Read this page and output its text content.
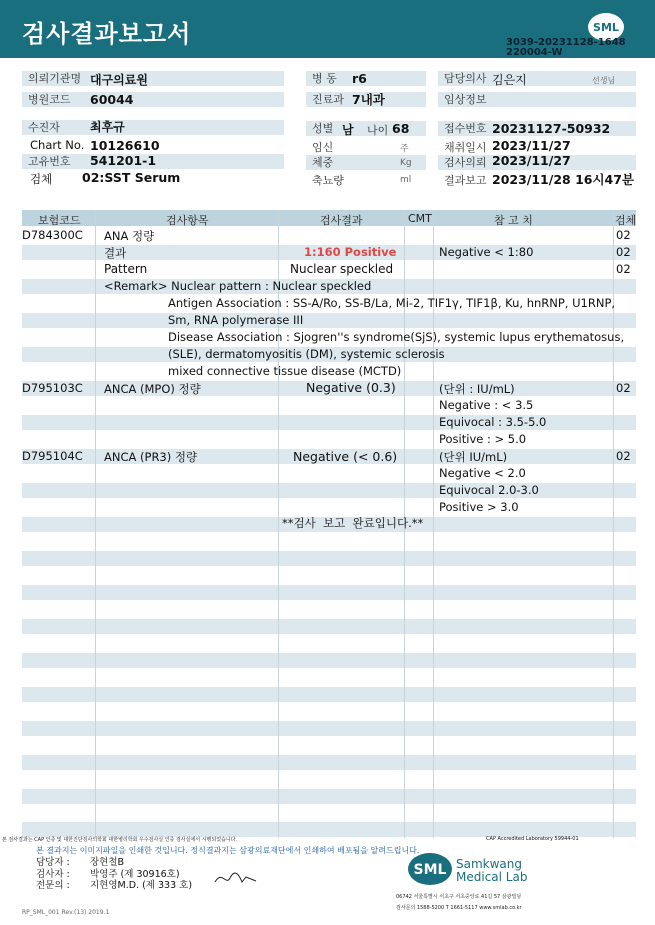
검사결과보고서	SML
3039-20231128-1648
220004-W
의뢰기관명 대구의료원
병원코드	60044
병 동	r6
진료과 7내과
담당의사 김은지	선생님
임상정보
수진자	최후규
Chart No. 10126610
고유번호	541201-1
검체 02:SST Serum
성별 남 나이 68
임신	주
체중	Kg
축뇨량	ml
접수번호 20231127-50932
채취일시 2023/11/27
검사의뢰 2023/11/27
결과보고 2023/11/28 16시47분
보험코드	검사항목	검사결과	CMT	참 고 치	검체
D784300C ANA 정량	02
결과	1:160 Positive	Negative < 1:80	02
Pattern	Nuclear speckled	02
<Remark> Nuclear pattern : Nuclear speckled
Antigen Association : SS-A/Ro, SS-B/La, Mi-2, TIF1γ, TIF1β, Ku, hnRNP, U1RNP,
Sm, RNA polymerase III
Disease Association : Sjogren''s syndrome(SjS), systemic lupus erythematosus,
(SLE), dermatomyositis (DM), systemic sclerosis
mixed connective tissue disease (MCTD)
D795103C ANCA (MPO) 정량	Negative (0.3)	02
(단위 : IU/mL)
Negative : < 3.5
Equivocal : 3.5-5.0
Positive : > 5.0
D795104C ANCA (PR3) 정량	Negative (< 0.6)	02
(단위 IU/mL)
Negative < 2.0
Equivocal 2.0-3.0
Positive > 3.0
**검사  보고  완료입니다.**
본 검사결과는 CAP 인증 및 대한진단검사의학회 대한병리학회 우수검사실 인증 검사실에서 시행되었습니다.	CAP Accredited Laboratory 59944-01
본 결과지는 이미지파일을 인쇄한 것입니다. 정식결과지는 삼광의료재단에서 인쇄하여 배포됨을 알려드립니다.
담당자 : 장현철B
검사자 : 박영주 (제 30916호)
전문의 : 지현영M.D. (제 333 호)
SML Samkwang
Medical Lab
06742 서울특별시 서초구 서초중앙로 41길 57 삼광빌딩
검사문의 1588-5200 T 1661-5117 www.smlab.co.kr
RP_SML_001 Rev.(13) 2019.1
